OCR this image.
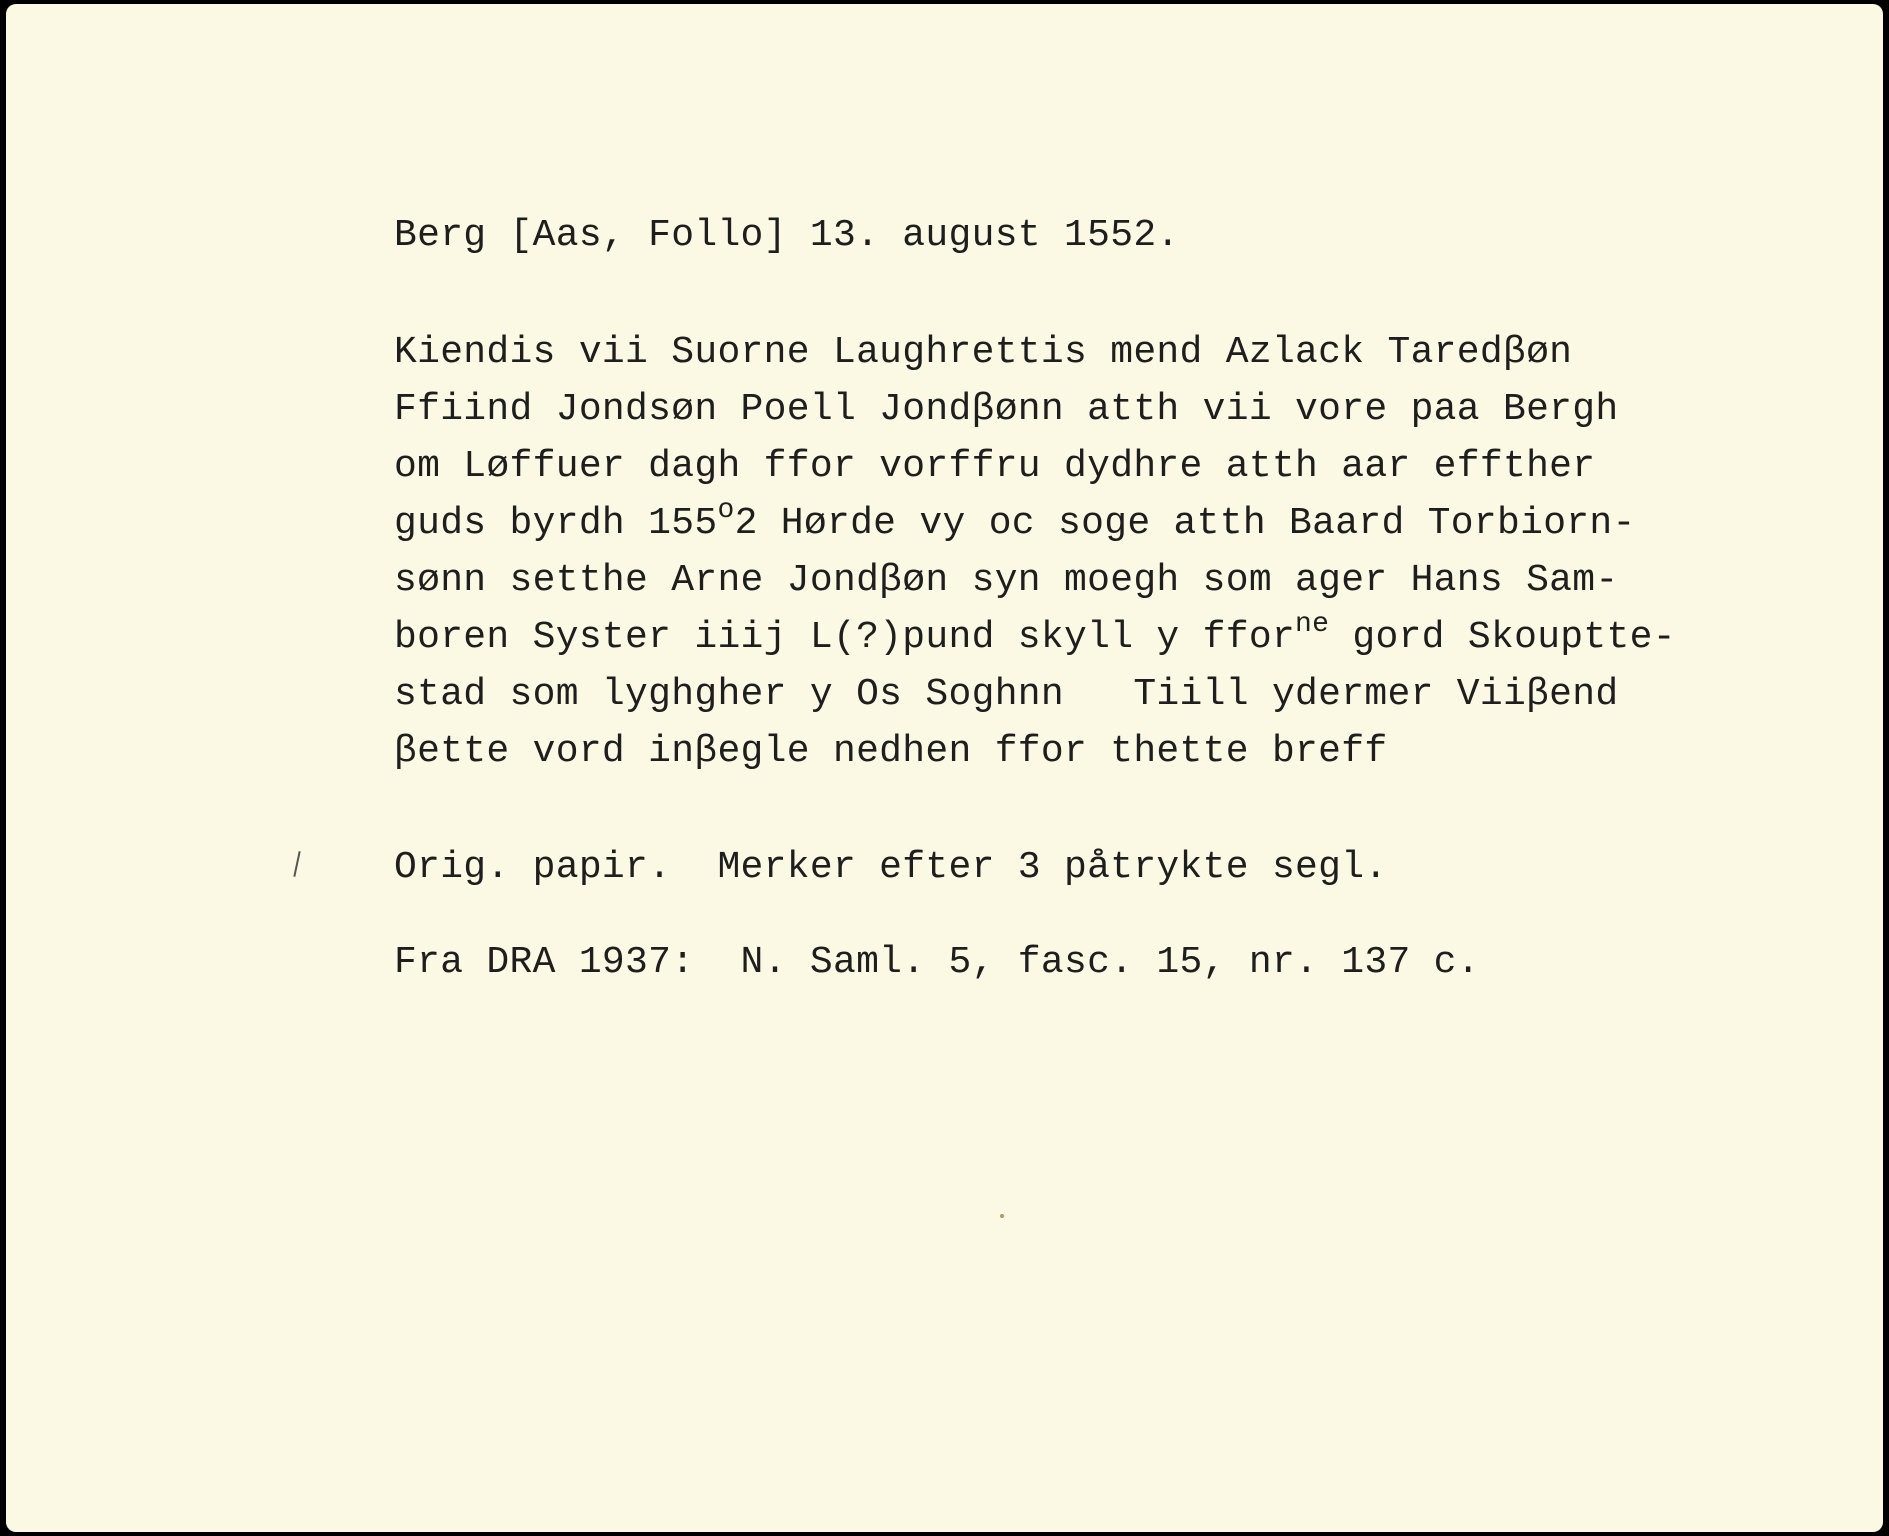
Berg [Aas, Follo] 13. august 1552.
Kiendis vii Suorne Laughrettis mend Azlack Taredβøn
Ffiind Jondsøn Poell Jondβønn atth vii vore paa Bergh
om Løffuer dagh ffor vorffru dydhre atth aar effther
guds byrdh 155$^o$2 Hørde vy oc soge atth Baard Torbiorn-
sønn setthe Arne Jondβøn syn moegh som ager Hans Sam-
boren Syster iiij L(?)pund skyll y ffor$^{ne}$ gord Skouptte-
stad som lyghgher y Os Soghnn   Tiill ydermer Viiβend
βette vord inβegle nedhen ffor thette breff
Orig. papir.  Merker efter 3 påtrykte segl.
Fra DRA 1937:  N. Saml. 5, fasc. 15, nr. 137 c.
